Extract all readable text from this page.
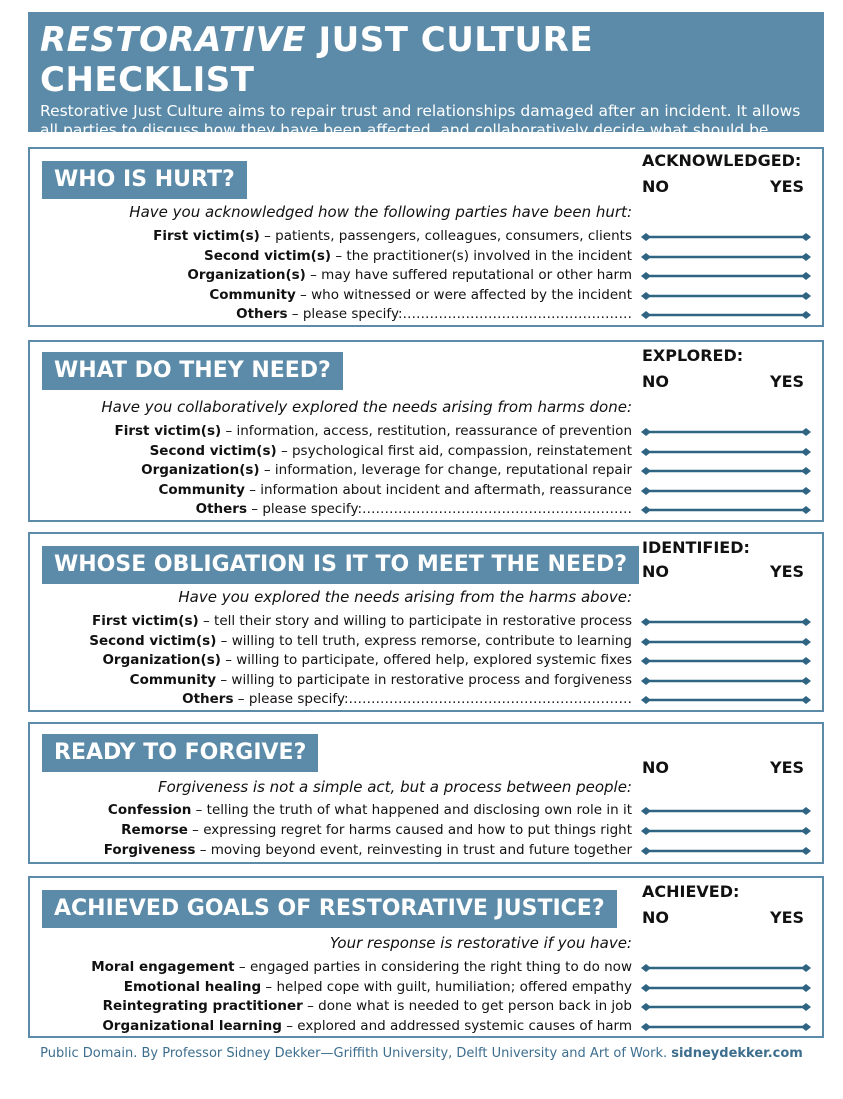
RESTORATIVE JUST CULTURE CHECKLIST

Restorative Just Culture aims to repair trust and relationships damaged after an incident. It allows all parties to discuss how they have been affected, and collaboratively decide what should be done to repair the harm.

WHO IS HURT?
ACKNOWLEDGED:
NO	YES
Have you acknowledged how the following parties have been hurt:
First victim(s) – patients, passengers, colleagues, consumers, clients
Second victim(s) – the practitioner(s) involved in the incident
Organization(s) – may have suffered reputational or other harm
Community – who witnessed or were affected by the incident
Others – please specify:……………………………………………
WHAT DO THEY NEED?
EXPLORED:
NO	YES
Have you collaboratively explored the needs arising from harms done:
First victim(s) – information, access, restitution, reassurance of prevention
Second victim(s) – psychological first aid, compassion, reinstatement
Organization(s) – information, leverage for change, reputational repair
Community – information about incident and aftermath, reassurance
Others – please specify:……………………………………………………
WHOSE OBLIGATION IS IT TO MEET THE NEED?
IDENTIFIED:
NO	YES
Have you explored the needs arising from the harms above:
First victim(s) – tell their story and willing to participate in restorative process
Second victim(s) – willing to tell truth, express remorse, contribute to learning
Organization(s) – willing to participate, offered help, explored systemic fixes
Community – willing to participate in restorative process and forgiveness
Others – please specify:………………………………………………………
READY TO FORGIVE?
NO	YES
Forgiveness is not a simple act, but a process between people:
Confession – telling the truth of what happened and disclosing own role in it
Remorse – expressing regret for harms caused and how to put things right
Forgiveness – moving beyond event, reinvesting in trust and future together
ACHIEVED GOALS OF RESTORATIVE JUSTICE?
ACHIEVED:
NO	YES
Your response is restorative if you have:
Moral engagement – engaged parties in considering the right thing to do now
Emotional healing – helped cope with guilt, humiliation; offered empathy
Reintegrating practitioner – done what is needed to get person back in job
Organizational learning – explored and addressed systemic causes of harm
Public Domain. By Professor Sidney Dekker—Griffith University, Delft University and Art of Work. sidneydekker.com
